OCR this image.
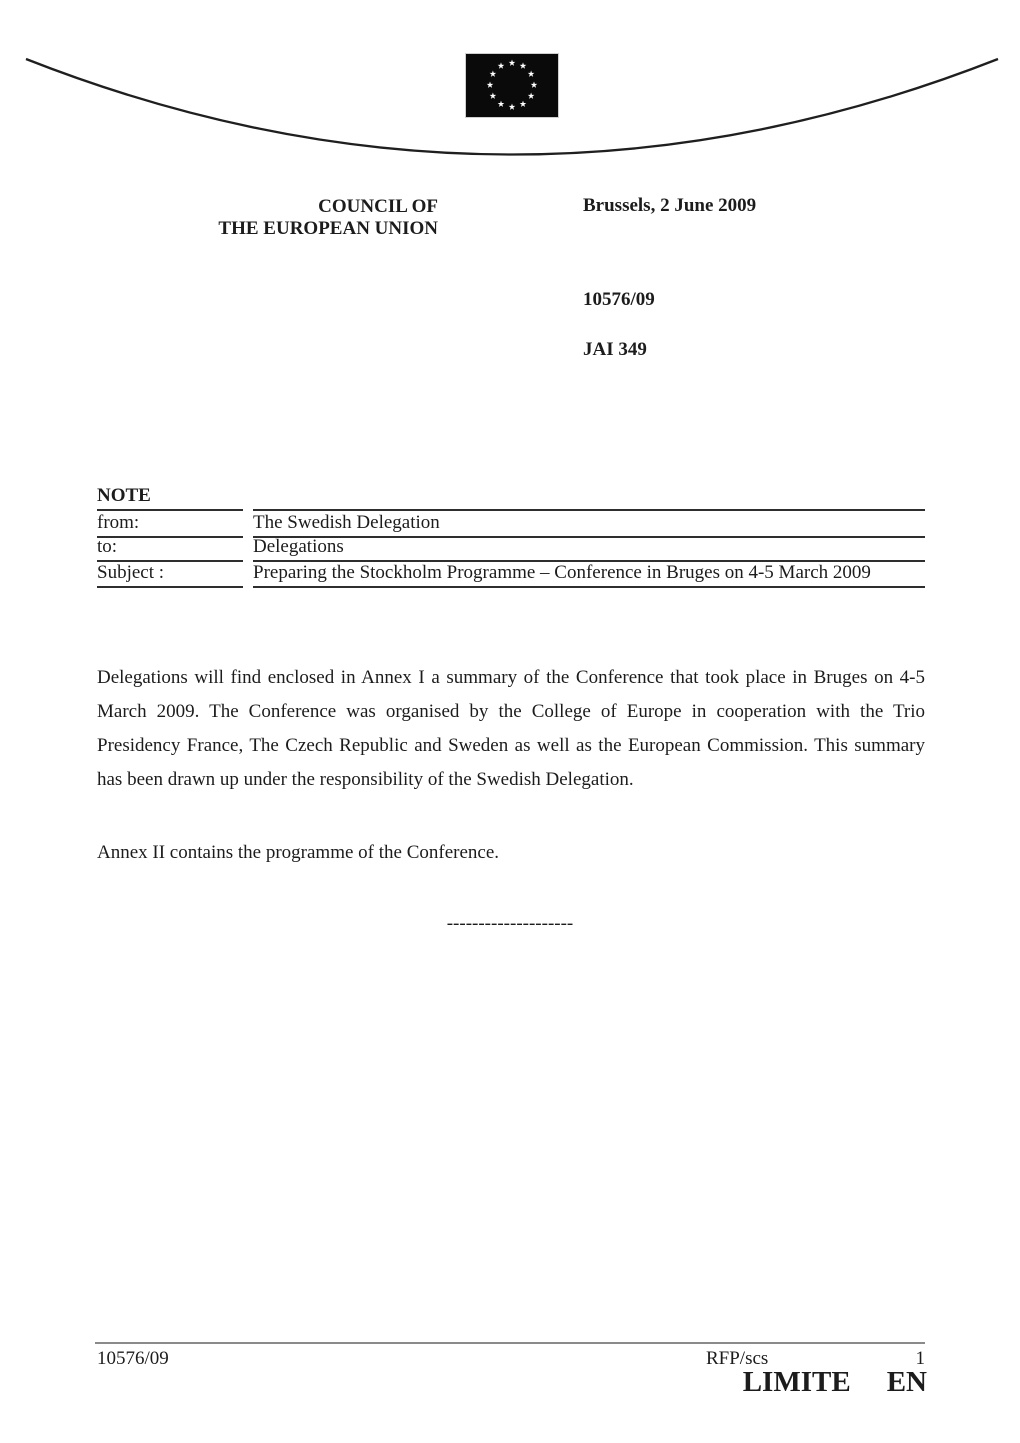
COUNCIL OF
THE EUROPEAN UNION
Brussels, 2 June 2009
10576/09
JAI 349
NOTE
from:	The Swedish Delegation
to:	Delegations
Subject :	Preparing the Stockholm Programme – Conference in Bruges on 4-5 March 2009

Delegations will find enclosed in Annex I a summary of the Conference that took place in Bruges on 4-5 March 2009. The Conference was organised by the College of Europe in cooperation with the Trio Presidency France, The Czech Republic and Sweden as well as the European Commission. This summary has been drawn up under the responsibility of the Swedish Delegation.

Annex II contains the programme of the Conference.

--------------------
10576/09	RFP/scs	1
LIMITE EN
